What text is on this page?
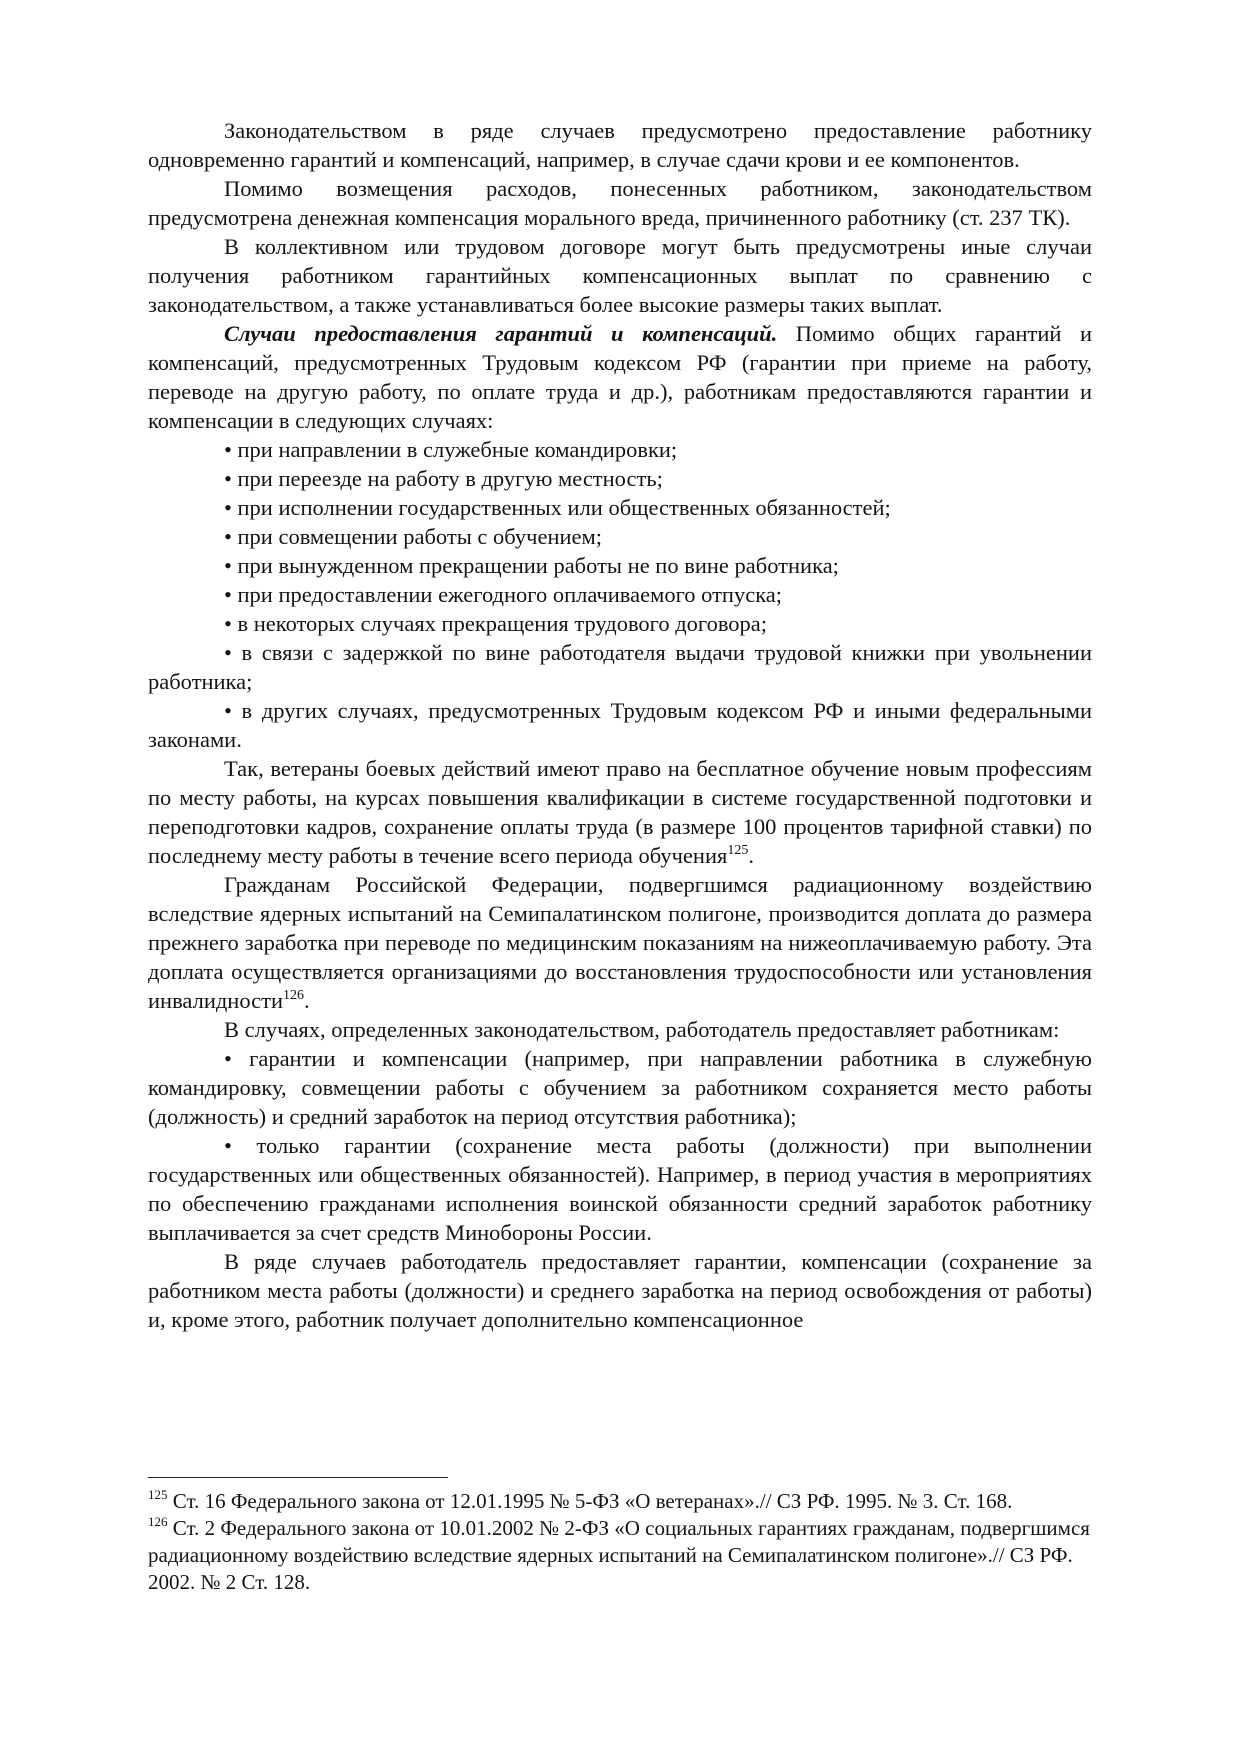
Законодательством в ряде случаев предусмотрено предоставление работнику одновременно гарантий и компенсаций, например, в случае сдачи крови и ее компонентов.

Помимо возмещения расходов, понесенных работником, законодательством предусмотрена денежная компенсация морального вреда, причиненного работнику (ст. 237 ТК).

В коллективном или трудовом договоре могут быть предусмотрены иные случаи получения работником гарантийных компенсационных выплат по сравнению с законодательством, а также устанавливаться более высокие размеры таких выплат.

Случаи предоставления гарантий и компенсаций. Помимо общих гарантий и компенсаций, предусмотренных Трудовым кодексом РФ (гарантии при приеме на работу, переводе на другую работу, по оплате труда и др.), работникам предоставляются гарантии и компенсации в следующих случаях:

• при направлении в служебные командировки;

• при переезде на работу в другую местность;

• при исполнении государственных или общественных обязанностей;

• при совмещении работы с обучением;

• при вынужденном прекращении работы не по вине работника;

• при предоставлении ежегодного оплачиваемого отпуска;

• в некоторых случаях прекращения трудового договора;

• в связи с задержкой по вине работодателя выдачи трудовой книжки при увольнении работника;

• в других случаях, предусмотренных Трудовым кодексом РФ и иными федеральными законами.

Так, ветераны боевых действий имеют право на бесплатное обучение новым профессиям по месту работы, на курсах повышения квалификации в системе государственной подготовки и переподготовки кадров, сохранение оплаты труда (в размере 100 процентов тарифной ставки) по последнему месту работы в течение всего периода обучения$^{125}$.

Гражданам Российской Федерации, подвергшимся радиационному воздействию вследствие ядерных испытаний на Семипалатинском полигоне, производится доплата до размера прежнего заработка при переводе по медицинским показаниям на нижеоплачиваемую работу. Эта доплата осуществляется организациями до восстановления трудоспособности или установления инвалидности$^{126}$.

В случаях, определенных законодательством, работодатель предоставляет работникам:

• гарантии и компенсации (например, при направлении работника в служебную командировку, совмещении работы с обучением за работником сохраняется место работы (должность) и средний заработок на период отсутствия работника);

• только гарантии (сохранение места работы (должности) при выполнении государственных или общественных обязанностей). Например, в период участия в мероприятиях по обеспечению гражданами исполнения воинской обязанности средний заработок работнику выплачивается за счет средств Минобороны России.

В ряде случаев работодатель предоставляет гарантии, компенсации (сохранение за работником места работы (должности) и среднего заработка на период освобождения от работы) и, кроме этого, работник получает дополнительно компенсационное

$^{125}$ Ст. 16 Федерального закона от 12.01.1995 № 5-ФЗ «О ветеранах».// СЗ РФ. 1995. № 3. Ст. 168.

$^{126}$ Ст. 2 Федерального закона от 10.01.2002 № 2-ФЗ «О социальных гарантиях гражданам, подвергшимся радиационному воздействию вследствие ядерных испытаний на Семипалатинском полигоне».// СЗ РФ. 2002. № 2 Ст. 128.
